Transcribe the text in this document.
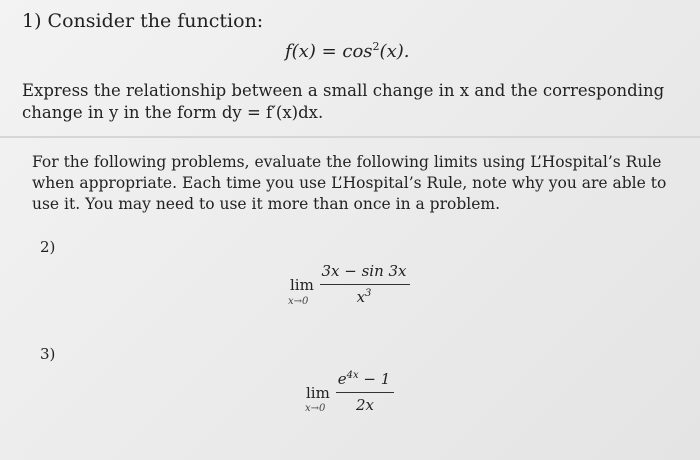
1) Consider the function:
$f(x) = \cos^2(x)$.
Express the relationship between a small change in x and the corresponding change in y in the form dy = f′(x)dx.
For the following problems, evaluate the following limits using L’Hospital’s Rule when appropriate. Each time you use L’Hospital’s Rule, note why you are able to use it. You may need to use it more than once in a problem.
2)
lim
x→0
3x − sin 3x
$x^3$
3)
lim
x→0
$e^{4x} - 1$
2x
